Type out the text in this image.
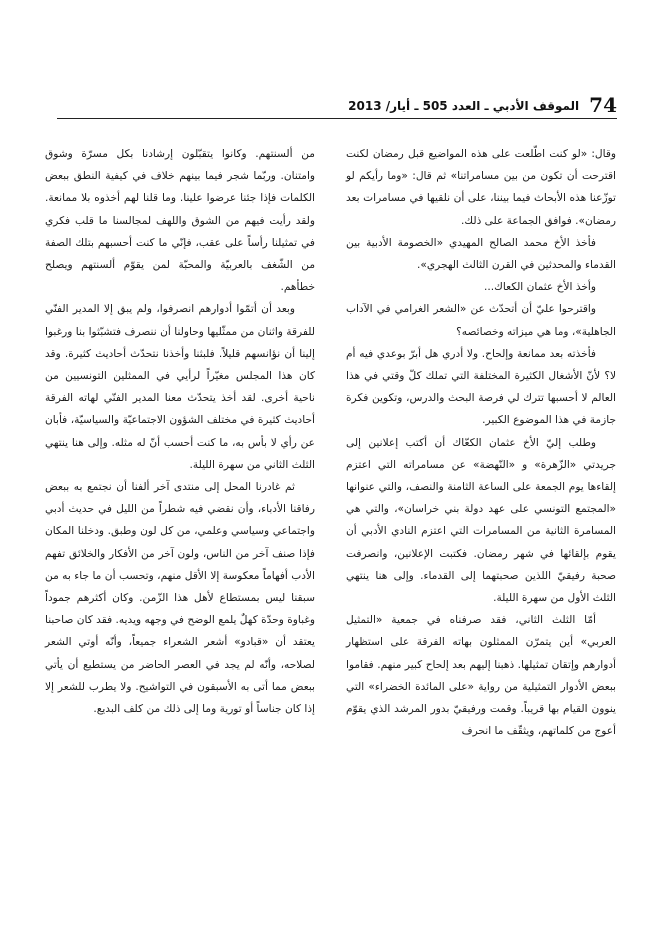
74
الموقف الأدبي ـ العدد 505 ـ أيار/ 2013

وقال: «لو كنت اطّلعت على هذه المواضيع قبل رمضان لكنت اقترحت أن تكون من بين مسامراتنا» ثم قال: «وما رأيكم لو توزّعنا هذه الأبحاث فيما بيننا، على أن نلقيها في مسامرات بعد رمضان». فوافق الجماعة على ذلك.

فأخذ الأخ محمد الصالح المهيدي «الخصومة الأدبية بين القدماء والمحدثين في القرن الثالث الهجري».

وأخذ الأخ عثمان الكعاك...

واقترحوا عليّ أن أتحدّث عن «الشعر الغرامي في الآداب الجاهلية»، وما هي ميزاته وخصائصه؟

فأخذته بعد ممانعة وإلحاح. ولا أدري هل أبرّ بوعدي فيه أم لا؟ لأنّ الأشغال الكثيرة المختلفة التي تملك كلّ وقتي في هذا العالم لا أحسبها تترك لي فرصة البحث والدرس، وتكوين فكرة جازمة في هذا الموضوع الكبير.

وطلب إليّ الأخ عثمان الكعّاك أن أكتب إعلانين إلى جريدتي «الزّهرة» و «النّهضة» عن مسامراته التي اعتزم إلقاءها يوم الجمعة على الساعة الثامنة والنصف، والتي عنوانها «المجتمع التونسي على عهد دولة بني خراسان»، والتي هي المسامرة الثانية من المسامرات التي اعتزم النادي الأدبي أن يقوم بإلقائها في شهر رمضان. فكتبت الإعلانين، وانصرفت صحبة رفيقيّ اللذين صحبتهما إلى القدماء. وإلى هنا ينتهي الثلث الأول من سهرة الليلة.

أمّا الثلث الثاني، فقد صرفناه في جمعية «التمثيل العربي» أين يتمرّن الممثلون بهاته الفرقة على استظهار أدوارهم وإتقان تمثيلها. ذهبنا إليهم بعد إلحاح كبير منهم. فقاموا ببعض الأدوار التمثيلية من رواية «على المائدة الخضراء» التي ينوون القيام بها قريباً. وقمت ورفيقيّ بدور المرشد الذي يقوّم أعوج من كلماتهم، ويثقّف ما انحرف

من ألسنتهم. وكانوا يتقبّلون إرشادنا بكل مسرّة وشوق وامتنان. وربّما شجر فيما بينهم خلاف في كيفية النطق ببعض الكلمات فإذا جئنا عرضوا علينا. وما قلنا لهم أخذوه بلا ممانعة. ولقد رأيت فيهم من الشوق واللهف لمجالسنا ما قلب فكري في تمثيلنا رأساً على عقب، فإنّي ما كنت أحسبهم بتلك الصفة من الشّغف بالعربيّة والمحبّة لمن يقوّم ألسنتهم ويصلح خطأهم.

وبعد أن أتمّوا أدوارهم انصرفوا، ولم يبق إلا المدير الفنّي للفرقة واثنان من ممثّليها وحاولنا أن ننصرف فتشبّثوا بنا ورغبوا إلينا أن نؤانسهم قليلاً. فلبثنا وأخذنا نتحدّث أحاديث كثيرة. وقد كان هذا المجلس مغيّراً لرأيي في الممثلين التونسيين من ناحية أخرى. لقد أخذ يتحدّث معنا المدير الفنّي لهاته الفرقة أحاديث كثيرة في مختلف الشؤون الاجتماعيّة والسياسيّة، فأبان عن رأي لا بأس به، ما كنت أحسب أنّ له مثله. وإلى هنا ينتهي الثلث الثاني من سهرة الليلة.

ثم غادرنا المحل إلى منتدى آخر ألفنا أن نجتمع به ببعض رفاقنا الأدباء، وأن نقضي فيه شطراً من الليل في حديث أدبي واجتماعي وسياسي وعلمي، من كل لون وطبق. ودخلنا المكان فإذا صنف آخر من الناس، ولون آخر من الأفكار والخلائق تفهم الأدب أفهاماً معكوسة إلا الأقل منهم، وتحسب أن ما جاء به من سبقنا ليس بمستطاع لأهل هذا الزّمن. وكان أكثرهم جموداً وغباوة وحدّة كهلٌ يلمع الوضح في وجهه ويديه. فقد كان صاحبنا يعتقد أن «قبادو» أشعر الشعراء جميعاً، وأنّه أوتي الشعر لصلاحه، وأنّه لم يجد في العصر الحاضر من يستطيع أن يأتي ببعض مما أتى به الأسبقون في التواشيح. ولا يطرب للشعر إلا إذا كان جناساً أو تورية وما إلى ذلك من كلف البديع.
